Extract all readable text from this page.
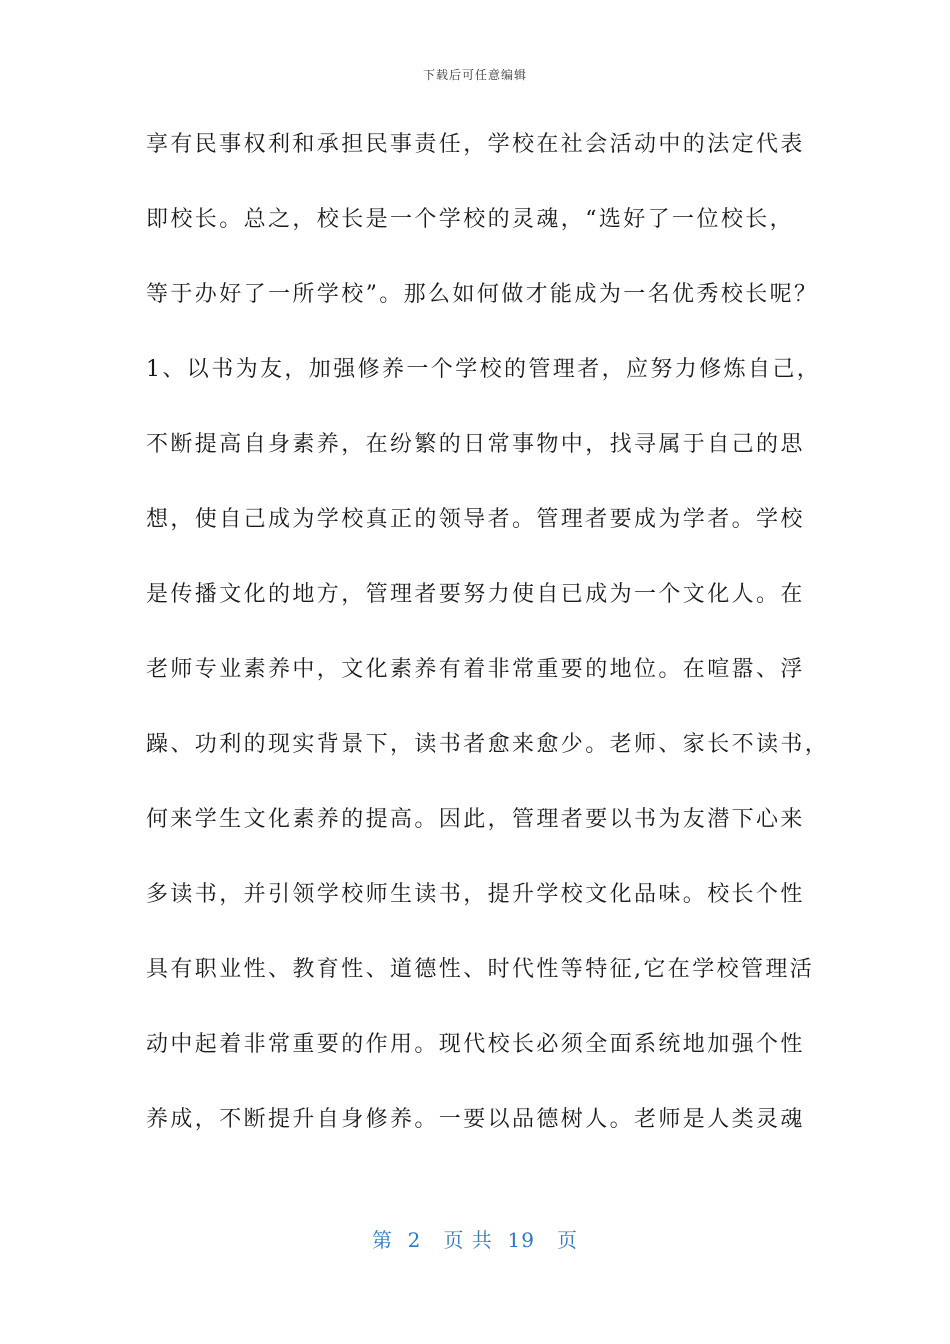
下载后可任意编辑

享有民事权利和承担民事责任，学校在社会活动中的法定代表

即校长。总之，校长是一个学校的灵魂，“选好了一位校长，

等于办好了一所学校”。那么如何做才能成为一名优秀校长呢？

1、以书为友，加强修养一个学校的管理者，应努力修炼自己，

不断提高自身素养，在纷繁的日常事物中，找寻属于自己的思

想，使自己成为学校真正的领导者。管理者要成为学者。学校

是传播文化的地方，管理者要努力使自已成为一个文化人。在

老师专业素养中，文化素养有着非常重要的地位。在喧嚣、浮

躁、功利的现实背景下，读书者愈来愈少。老师、家长不读书，

何来学生文化素养的提高。因此，管理者要以书为友潜下心来

多读书，并引领学校师生读书，提升学校文化品味。校长个性

具有职业性、教育性、道德性、时代性等特征,它在学校管理活

动中起着非常重要的作用。现代校长必须全面系统地加强个性

养成，不断提升自身修养。一要以品德树人。老师是人类灵魂

第  2   页 共  19   页
